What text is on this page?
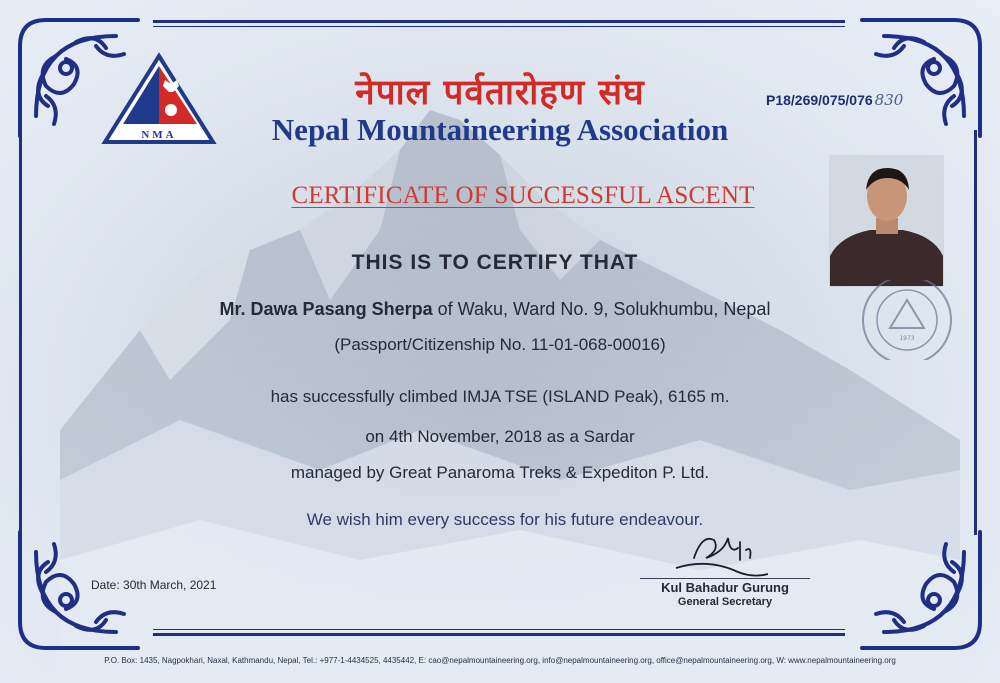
NMA
नेपाल पर्वतारोहण संघ
Nepal Mountaineering Association
P18/269/075/076 830
1973
CERTIFICATE OF SUCCESSFUL ASCENT
THIS IS TO CERTIFY THAT
Mr. Dawa Pasang Sherpa of Waku, Ward No. 9, Solukhumbu, Nepal
(Passport/Citizenship No. 11-01-068-00016)
has successfully climbed IMJA TSE (ISLAND Peak), 6165 m.
on 4th November, 2018 as a Sardar
managed by Great Panaroma Treks & Expediton P. Ltd.
We wish him every success for his future endeavour.
Date: 30th March, 2021	Kul Bahadur Gurung
General Secretary
P.O. Box: 1435, Nagpokhari, Naxal, Kathmandu, Nepal, Tel.: +977-1-4434525, 4435442, E: cao@nepalmountaineering.org, info@nepalmountaineering.org, office@nepalmountaineering.org, W: www.nepalmountaineering.org
